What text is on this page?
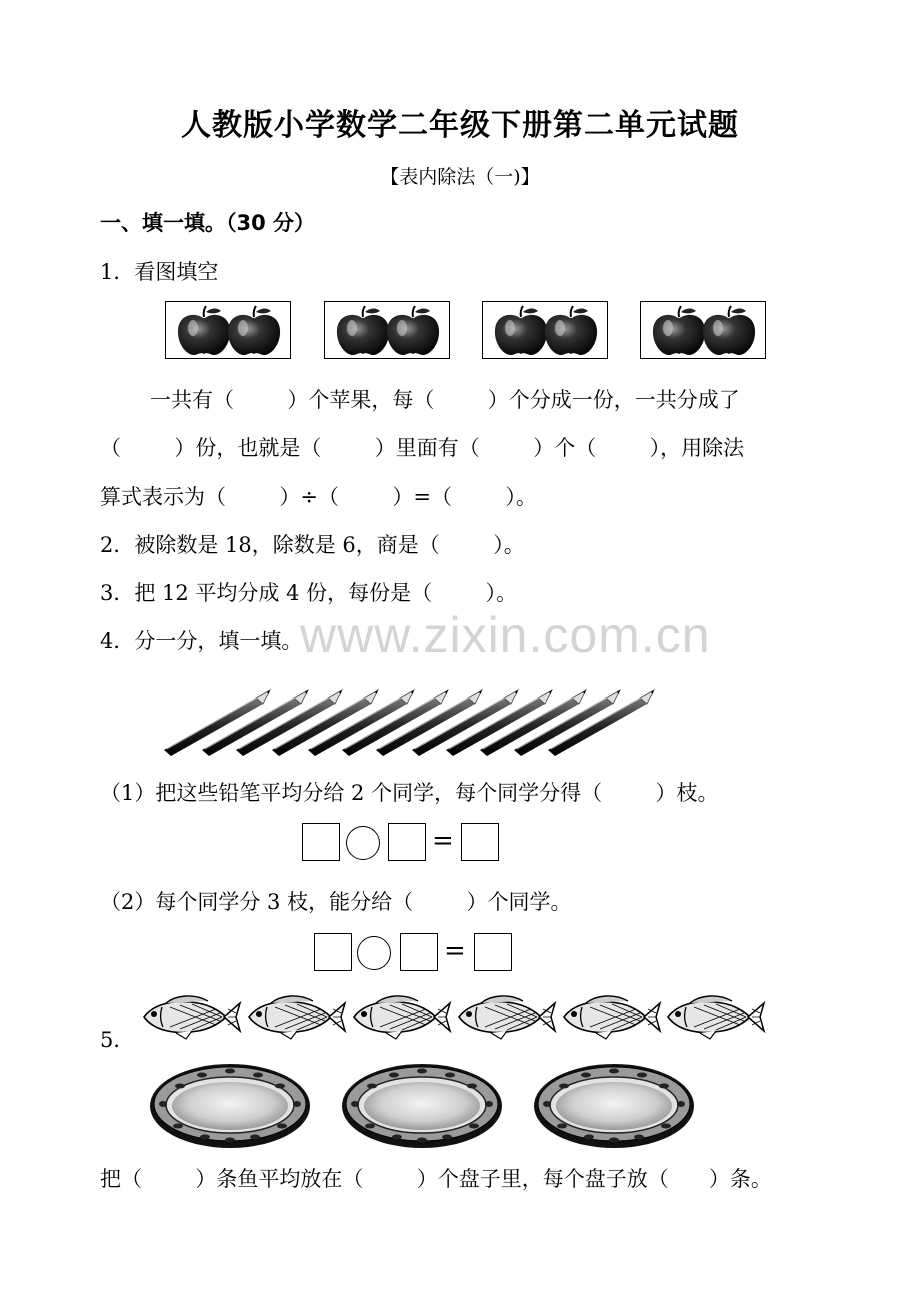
人教版小学数学二年级下册第二单元试题
【表内除法（一)】
一、填一填。（30 分）
1．看图填空
一共有（        ）个苹果，每（        ）个分成一份，一共分成了
（        ）份，也就是（        ）里面有（        ）个（        ），用除法
算式表示为（        ）÷（        ）=（        ）。
2．被除数是 18，除数是 6，商是（        ）。
3．把 12 平均分成 4 份，每份是（        ）。
www.zixin.com.cn
4．分一分，填一填。
（1）把这些铅笔平均分给 2 个同学，每个同学分得（        ）枝。
=
（2）每个同学分 3 枝，能分给（        ）个同学。
=
5．
把（        ）条鱼平均放在（        ）个盘子里，每个盘子放（      ）条。
